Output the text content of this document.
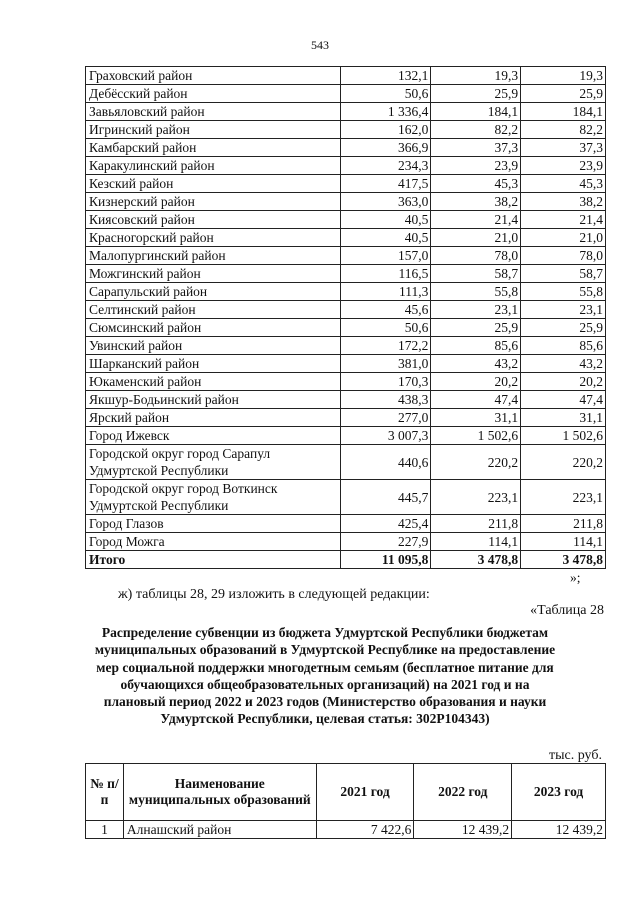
543
Граховский район	132,1	19,3	19,3
Дебёсский район	50,6	25,9	25,9
Завьяловский район	1 336,4	184,1	184,1
Игринский район	162,0	82,2	82,2
Камбарский район	366,9	37,3	37,3
Каракулинский район	234,3	23,9	23,9
Кезский район	417,5	45,3	45,3
Кизнерский район	363,0	38,2	38,2
Киясовский район	40,5	21,4	21,4
Красногорский район	40,5	21,0	21,0
Малопургинский район	157,0	78,0	78,0
Можгинский район	116,5	58,7	58,7
Сарапульский район	111,3	55,8	55,8
Селтинский район	45,6	23,1	23,1
Сюмсинский район	50,6	25,9	25,9
Увинский район	172,2	85,6	85,6
Шарканский район	381,0	43,2	43,2
Юкаменский район	170,3	20,2	20,2
Якшур-Бодьинский район	438,3	47,4	47,4
Ярский район	277,0	31,1	31,1
Город Ижевск	3 007,3	1 502,6	1 502,6
Городской округ город Сарапул Удмуртской Республики	440,6	220,2	220,2
Городской округ город Воткинск Удмуртской Республики	445,7	223,1	223,1
Город Глазов	425,4	211,8	211,8
Город Можга	227,9	114,1	114,1
Итого	11 095,8	3 478,8	3 478,8
»;
ж) таблицы 28, 29 изложить в следующей редакции:
«Таблица 28
Распределение субвенции из бюджета Удмуртской Республики бюджетам муниципальных образований в Удмуртской Республике на предоставление мер социальной поддержки многодетным семьям (бесплатное питание для обучающихся общеобразовательных организаций) на 2021 год и на плановый период 2022 и 2023 годов (Министерство образования и науки Удмуртской Республики, целевая статья: 302P104343)
тыс. руб.
№ п/п	Наименование муниципальных образований	2021 год	2022 год	2023 год
1	Алнашский район	7 422,6	12 439,2	12 439,2
